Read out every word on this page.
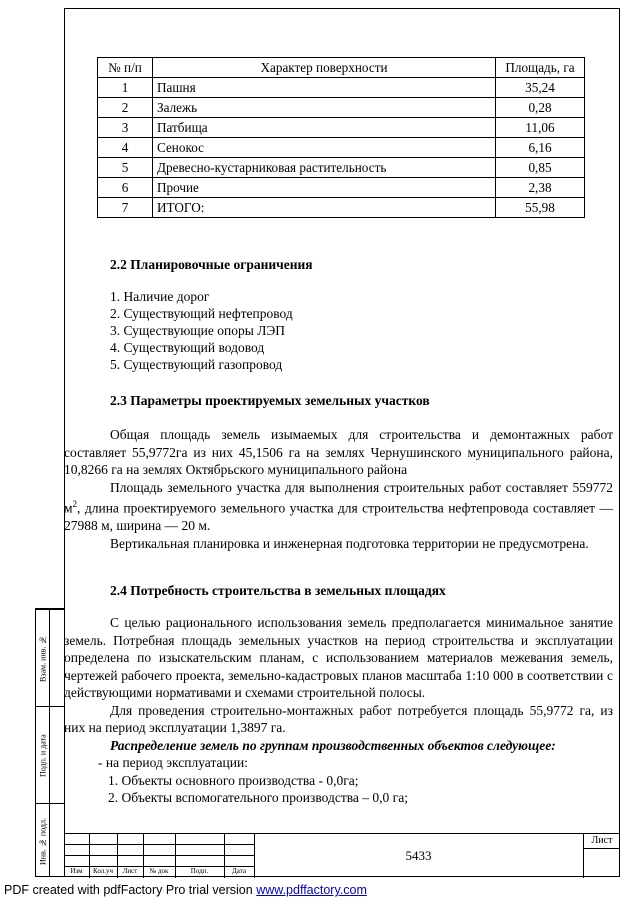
Взам. инв. №
Подп. и дата
Инв. № подл.
№ п/п	Характер поверхности	Площадь, га
1	Пашня	35,24
2	Залежь	0,28
3	Патбища	11,06
4	Сенокос	6,16
5	Древесно-кустарниковая растительность	0,85
6	Прочие	2,38
7	ИТОГО:	55,98
2.2 Планировочные ограничения
1. Наличие дорог
2. Существующий нефтепровод
3. Существующие опоры ЛЭП
4. Существующий водовод
5. Существующий газопровод
2.3 Параметры проектируемых земельных участков

Общая площадь земель изымаемых для строительства и демонтажных работ составляет 55,9772га из них 45,1506 га на землях Чернушинского муниципального района, 10,8266 га на землях Октябрьского муниципального района

Площадь земельного участка для выполнения строительных работ составляет 559772 $м^2$, длина проектируемого земельного участка для строительства нефтепровода составляет — 27988 м, ширина — 20 м.

Вертикальная планировка и инженерная подготовка территории не предусмотрена.

2.4 Потребность строительства в земельных площадях

С целью рационального использования земель предполагается минимальное занятие земель. Потребная площадь земельных участков на период строительства и эксплуатации определена по изыскательским планам, с использованием материалов межевания земель, чертежей рабочего проекта, земельно-кадастровых планов масштаба 1:10 000 в соответствии с действующими нормативами и схемами строительной полосы.

Для проведения строительно-монтажных работ потребуется площадь 55,9772 га, из них на период эксплуатации 1,3897 га.

Распределение земель по группам производственных объектов следующее:

- на период эксплуатации:
1. Объекты основного производства - 0,0га;
2. Объекты вспомогательного производства – 0,0 га;
Изм	Кол.уч	Лист	№ док	Подп.	Дата
5433
Лист
PDF created with pdfFactory Pro trial version www.pdffactory.com
